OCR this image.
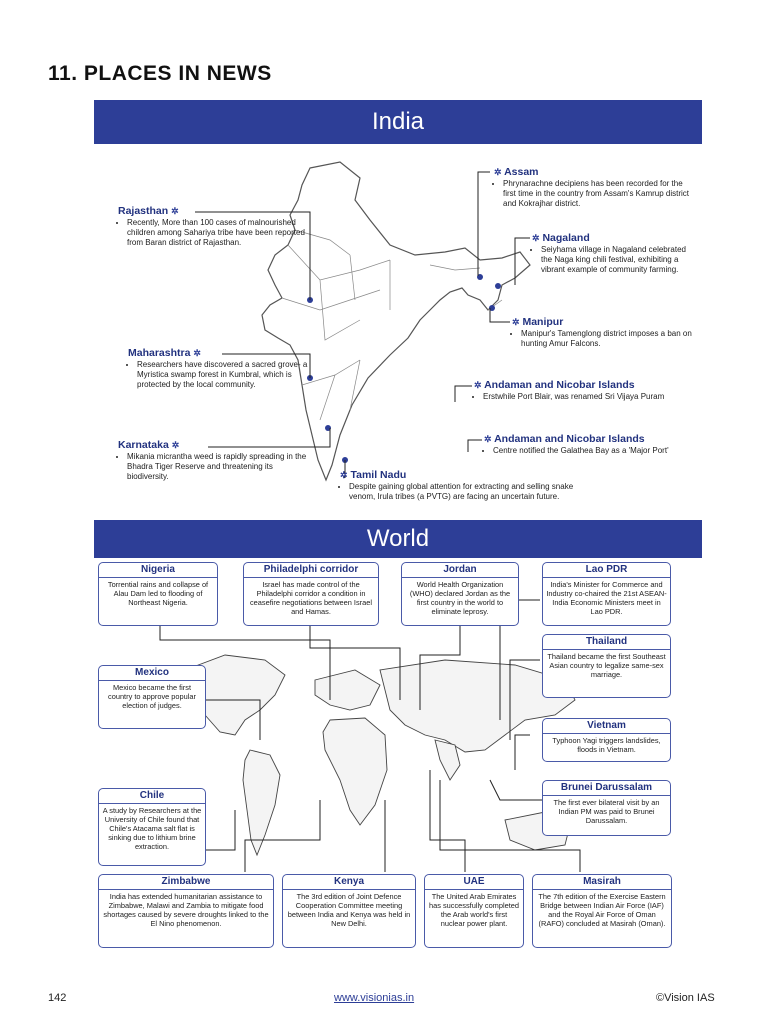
11. PLACES IN NEWS
India
Rajasthan ✲
• Recently, More than 100 cases of malnourished children among Sahariya tribe have been reported from Baran district of Rajasthan.
Maharashtra ✲
• Researchers have discovered a sacred grove- a Myristica swamp forest in Kumbral, which is protected by the local community.
Karnataka ✲
• Mikania micrantha weed is rapidly spreading in the Bhadra Tiger Reserve and threatening its biodiversity.
✲ Assam
• Phrynarachne decipiens has been recorded for the first time in the country from Assam's Kamrup district and Kokrajhar district.
✲ Nagaland
• Seiyhama village in Nagaland celebrated the Naga king chili festival, exhibiting a vibrant example of community farming.
✲ Manipur
• Manipur's Tamenglong district imposes a ban on hunting Amur Falcons.
✲ Andaman and Nicobar Islands
• Erstwhile Port Blair, was renamed Sri Vijaya Puram
✲ Andaman and Nicobar Islands
• Centre notified the Galathea Bay as a 'Major Port'
✲ Tamil Nadu
• Despite gaining global attention for extracting and selling snake venom, Irula tribes (a PVTG) are facing an uncertain future.
World
Nigeria
Torrential rains and collapse of Alau Dam led to flooding of Northeast Nigeria.
Philadelphi corridor
Israel has made control of the Philadelphi corridor a condition in ceasefire negotiations between Israel and Hamas.
Jordan
World Health Organization (WHO) declared Jordan as the first country in the world to eliminate leprosy.
Lao PDR
India's Minister for Commerce and Industry co-chaired the 21st ASEAN-India Economic Ministers meet in Lao PDR.
Mexico
Mexico became the first country to approve popular election of judges.
Thailand
Thailand became the first Southeast Asian country to legalize same-sex marriage.
Vietnam
Typhoon Yagi triggers landslides, floods in Vietnam.
Chile
A study by Researchers at the University of Chile found that Chile's Atacama salt flat is sinking due to lithium brine extraction.
Brunei Darussalam
The first ever bilateral visit by an Indian PM was paid to Brunei Darussalam.
Zimbabwe
India has extended humanitarian assistance to Zimbabwe, Malawi and Zambia to mitigate food shortages caused by severe droughts linked to the El Nino phenomenon.
Kenya
The 3rd edition of Joint Defence Cooperation Committee meeting between India and Kenya was held in New Delhi.
UAE
The United Arab Emirates has successfully completed the Arab world's first nuclear power plant.
Masirah
The 7th edition of the Exercise Eastern Bridge between Indian Air Force (IAF) and the Royal Air Force of Oman (RAFO) concluded at Masirah (Oman).
142	www.visionias.in	©Vision IAS
